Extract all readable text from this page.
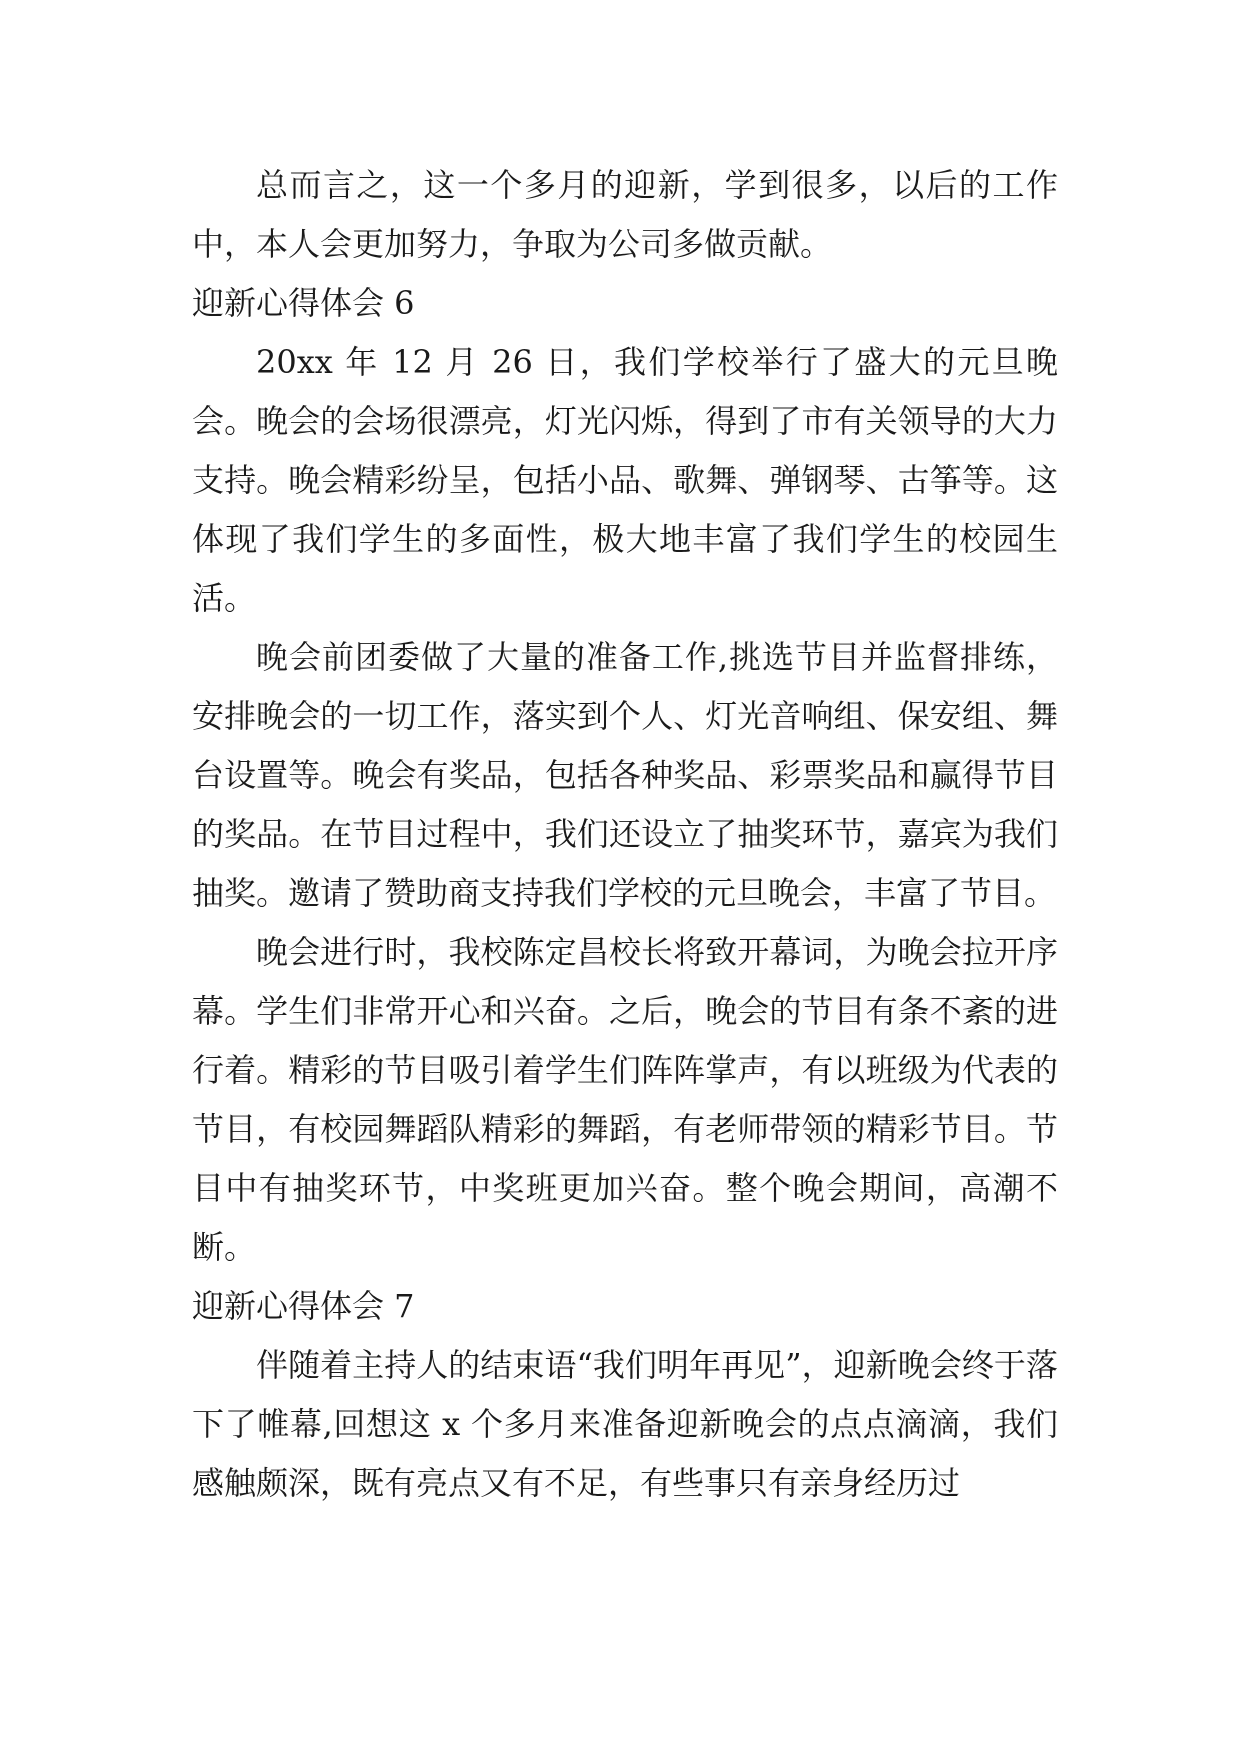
总而言之，这一个多月的迎新，学到很多，以后的工作中，本人会更加努力，争取为公司多做贡献。

迎新心得体会 6

20xx 年 12 月 26 日，我们学校举行了盛大的元旦晚会。晚会的会场很漂亮，灯光闪烁，得到了市有关领导的大力支持。晚会精彩纷呈，包括小品、歌舞、弹钢琴、古筝等。这体现了我们学生的多面性，极大地丰富了我们学生的校园生活。

晚会前团委做了大量的准备工作,挑选节目并监督排练，安排晚会的一切工作，落实到个人、灯光音响组、保安组、舞台设置等。晚会有奖品，包括各种奖品、彩票奖品和赢得节目的奖品。在节目过程中，我们还设立了抽奖环节，嘉宾为我们抽奖。邀请了赞助商支持我们学校的元旦晚会，丰富了节目。

晚会进行时，我校陈定昌校长将致开幕词，为晚会拉开序幕。学生们非常开心和兴奋。之后，晚会的节目有条不紊的进行着。精彩的节目吸引着学生们阵阵掌声，有以班级为代表的节目，有校园舞蹈队精彩的舞蹈，有老师带领的精彩节目。节目中有抽奖环节，中奖班更加兴奋。整个晚会期间，高潮不断。

迎新心得体会 7

伴随着主持人的结束语“我们明年再见”，迎新晚会终于落下了帷幕,回想这 x 个多月来准备迎新晚会的点点滴滴，我们感触颇深，既有亮点又有不足，有些事只有亲身经历过
